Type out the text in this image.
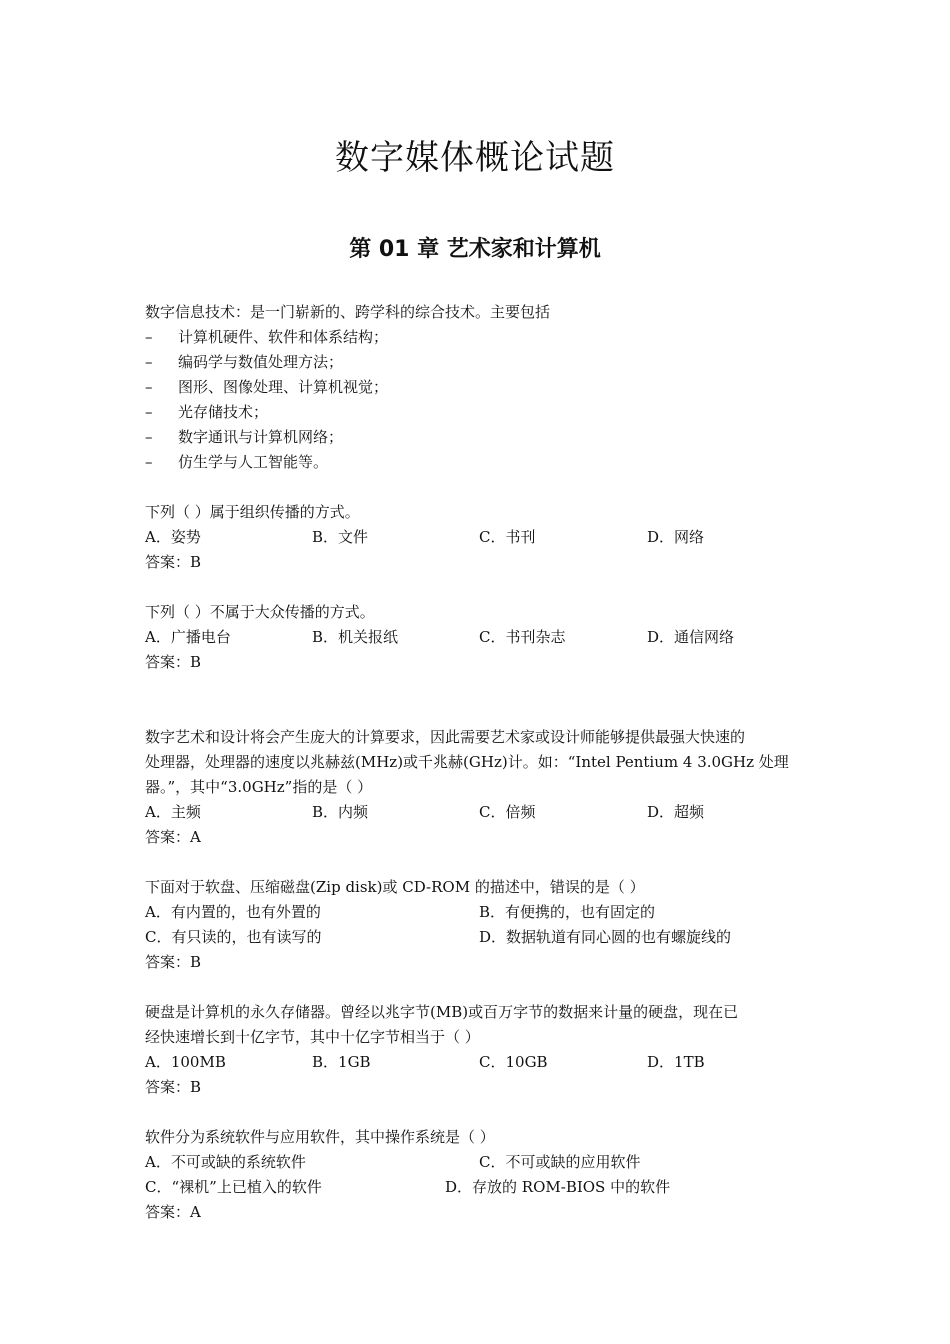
数字媒体概论试题
第 01 章 艺术家和计算机
数字信息技术：是一门崭新的、跨学科的综合技术。主要包括
– 计算机硬件、软件和体系结构；
– 编码学与数值处理方法；
– 图形、图像处理、计算机视觉；
– 光存储技术；
– 数字通讯与计算机网络；
– 仿生学与人工智能等。
下列（ ）属于组织传播的方式。
A．姿势	B．文件	C．书刊	D．网络
答案：B
下列（ ）不属于大众传播的方式。
A．广播电台	B．机关报纸	C．书刊杂志	D．通信网络
答案：B
数字艺术和设计将会产生庞大的计算要求，因此需要艺术家或设计师能够提供最强大快速的
处理器，处理器的速度以兆赫兹(MHz)或千兆赫(GHz)计。如：“Intel Pentium 4 3.0GHz 处理
器。”，其中“3.0GHz”指的是（ ）
A．主频	B．内频	C．倍频	D．超频
答案：A
下面对于软盘、压缩磁盘(Zip disk)或 CD-ROM 的描述中，错误的是（ ）
A．有内置的，也有外置的	B．有便携的，也有固定的
C．有只读的，也有读写的	D．数据轨道有同心圆的也有螺旋线的
答案：B
硬盘是计算机的永久存储器。曾经以兆字节(MB)或百万字节的数据来计量的硬盘，现在已
经快速增长到十亿字节，其中十亿字节相当于（ ）
A．100MB	B．1GB	C．10GB	D．1TB
答案：B
软件分为系统软件与应用软件，其中操作系统是（ ）
A．不可或缺的系统软件	C．不可或缺的应用软件
C．“裸机”上已植入的软件	D．存放的 ROM-BIOS 中的软件
答案：A
